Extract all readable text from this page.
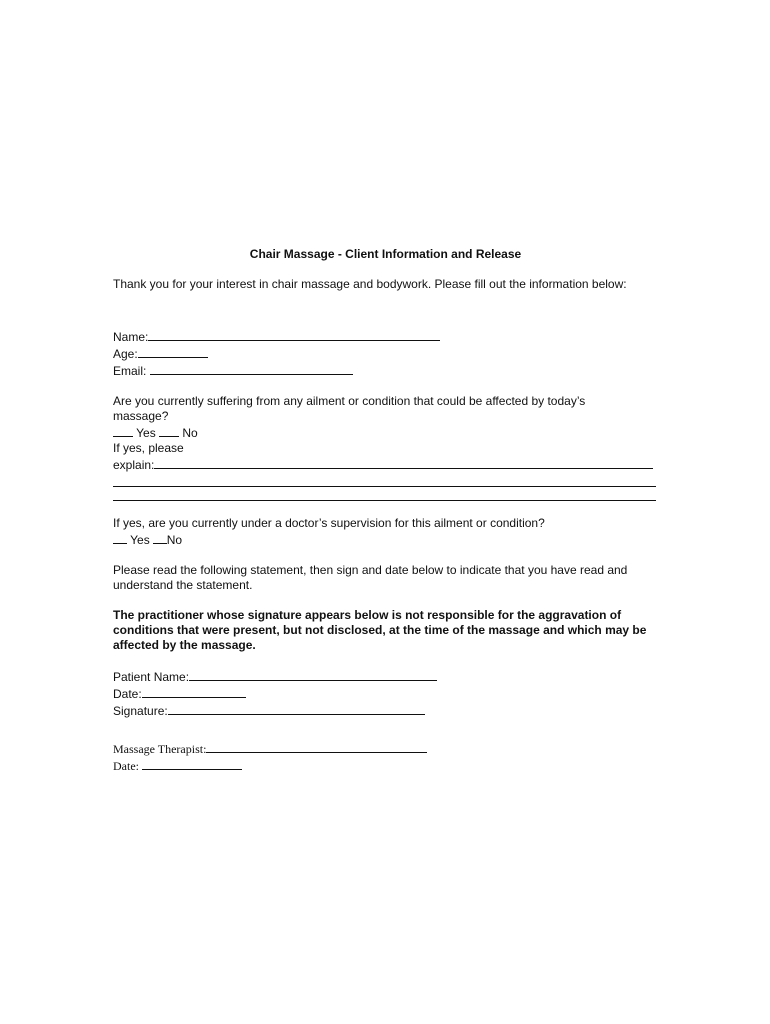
Chair Massage - Client Information and Release
Thank you for your interest in chair massage and bodywork. Please fill out the information below:
Name:
Age:
Email:
Are you currently suffering from any ailment or condition that could be affected by today’s massage?
Yes No
If yes, please
explain:
If yes, are you currently under a doctor’s supervision for this ailment or condition?
Yes No
Please read the following statement, then sign and date below to indicate that you have read and understand the statement.
The practitioner whose signature appears below is not responsible for the aggravation of conditions that were present, but not disclosed, at the time of the massage and which may be affected by the massage.
Patient Name:
Date:
Signature:
Massage Therapist:
Date:
